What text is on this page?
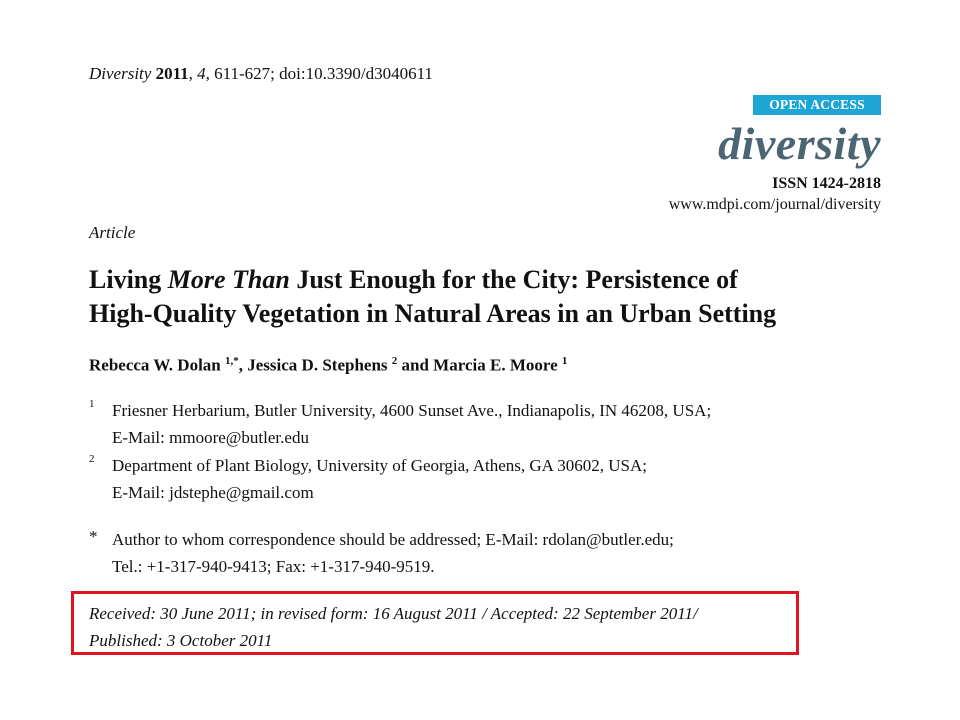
Diversity 2011, 4, 611-627; doi:10.3390/d3040611
OPEN ACCESS
diversity
ISSN 1424-2818
www.mdpi.com/journal/diversity
Article
Living More Than Just Enough for the City: Persistence of
High-Quality Vegetation in Natural Areas in an Urban Setting
Rebecca W. Dolan $^{1,*}$, Jessica D. Stephens $^2$ and Marcia E. Moore $^1$
1 Friesner Herbarium, Butler University, 4600 Sunset Ave., Indianapolis, IN 46208, USA;
E-Mail: mmoore@butler.edu
2 Department of Plant Biology, University of Georgia, Athens, GA 30602, USA;
E-Mail: jdstephe@gmail.com
* Author to whom correspondence should be addressed; E-Mail: rdolan@butler.edu;
Tel.: +1-317-940-9413; Fax: +1-317-940-9519.
Received: 30 June 2011; in revised form: 16 August 2011 / Accepted: 22 September 2011/
Published: 3 October 2011
